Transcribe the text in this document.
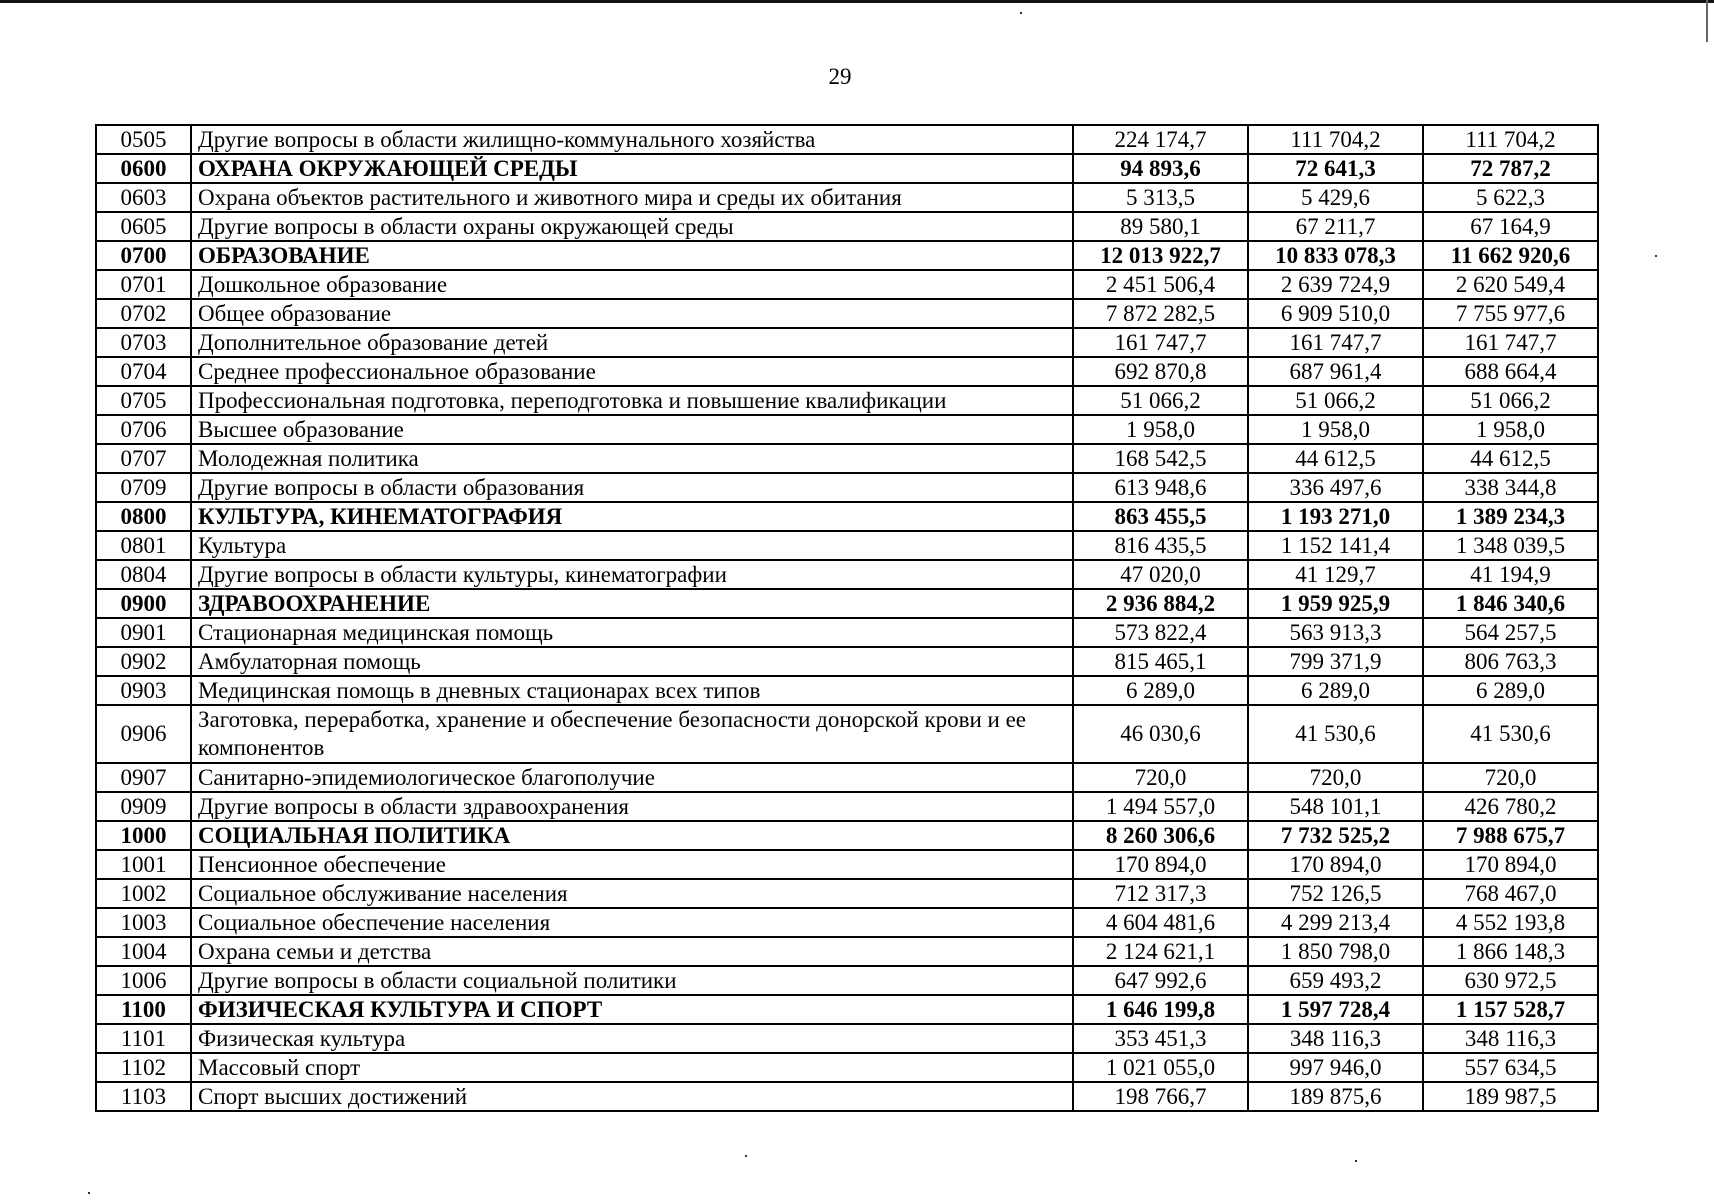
29
0505	Другие вопросы в области жилищно-коммунального хозяйства	224 174,7	111 704,2	111 704,2
0600	ОХРАНА ОКРУЖАЮЩЕЙ СРЕДЫ	94 893,6	72 641,3	72 787,2
0603	Охрана объектов растительного и животного мира и среды их обитания	5 313,5	5 429,6	5 622,3
0605	Другие вопросы в области охраны окружающей среды	89 580,1	67 211,7	67 164,9
0700	ОБРАЗОВАНИЕ	12 013 922,7	10 833 078,3	11 662 920,6
0701	Дошкольное образование	2 451 506,4	2 639 724,9	2 620 549,4
0702	Общее образование	7 872 282,5	6 909 510,0	7 755 977,6
0703	Дополнительное образование детей	161 747,7	161 747,7	161 747,7
0704	Среднее профессиональное образование	692 870,8	687 961,4	688 664,4
0705	Профессиональная подготовка, переподготовка и повышение квалификации	51 066,2	51 066,2	51 066,2
0706	Высшее образование	1 958,0	1 958,0	1 958,0
0707	Молодежная политика	168 542,5	44 612,5	44 612,5
0709	Другие вопросы в области образования	613 948,6	336 497,6	338 344,8
0800	КУЛЬТУРА, КИНЕМАТОГРАФИЯ	863 455,5	1 193 271,0	1 389 234,3
0801	Культура	816 435,5	1 152 141,4	1 348 039,5
0804	Другие вопросы в области культуры, кинематографии	47 020,0	41 129,7	41 194,9
0900	ЗДРАВООХРАНЕНИЕ	2 936 884,2	1 959 925,9	1 846 340,6
0901	Стационарная медицинская помощь	573 822,4	563 913,3	564 257,5
0902	Амбулаторная помощь	815 465,1	799 371,9	806 763,3
0903	Медицинская помощь в дневных стационарах всех типов	6 289,0	6 289,0	6 289,0
0906	Заготовка, переработка, хранение и обеспечение безопасности донорской крови и ее компонентов	46 030,6	41 530,6	41 530,6
0907	Санитарно-эпидемиологическое благополучие	720,0	720,0	720,0
0909	Другие вопросы в области здравоохранения	1 494 557,0	548 101,1	426 780,2
1000	СОЦИАЛЬНАЯ ПОЛИТИКА	8 260 306,6	7 732 525,2	7 988 675,7
1001	Пенсионное обеспечение	170 894,0	170 894,0	170 894,0
1002	Социальное обслуживание населения	712 317,3	752 126,5	768 467,0
1003	Социальное обеспечение населения	4 604 481,6	4 299 213,4	4 552 193,8
1004	Охрана семьи и детства	2 124 621,1	1 850 798,0	1 866 148,3
1006	Другие вопросы в области социальной политики	647 992,6	659 493,2	630 972,5
1100	ФИЗИЧЕСКАЯ КУЛЬТУРА И СПОРТ	1 646 199,8	1 597 728,4	1 157 528,7
1101	Физическая культура	353 451,3	348 116,3	348 116,3
1102	Массовый спорт	1 021 055,0	997 946,0	557 634,5
1103	Спорт высших достижений	198 766,7	189 875,6	189 987,5
